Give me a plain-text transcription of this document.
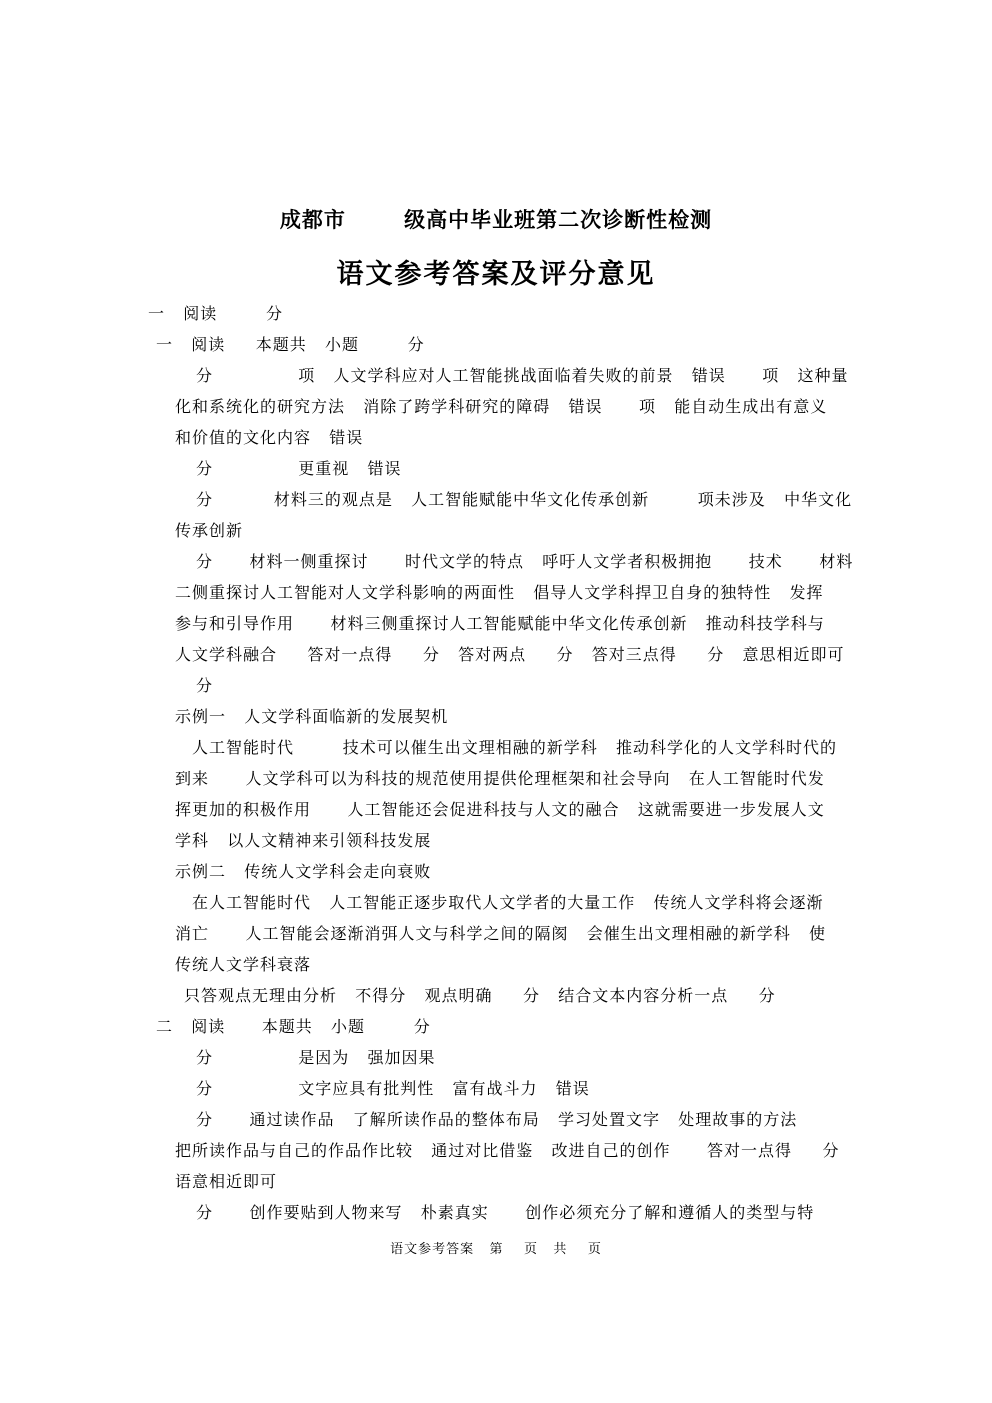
成都市 级高中毕业班第二次诊断性检测
语文参考答案及评分意见
一   阅读        分
一   阅读     本题共   小题        分
分              项   人文学科应对人工智能挑战面临着失败的前景   错误      项   这种量
化和系统化的研究方法   消除了跨学科研究的障碍   错误      项   能自动生成出有意义
和价值的文化内容   错误
分              更重视   错误
分          材料三的观点是   人工智能赋能中华文化传承创新        项未涉及   中华文化
传承创新
分      材料一侧重探讨      时代文学的特点   呼吁人文学者积极拥抱      技术      材料
二侧重探讨人工智能对人文学科影响的两面性   倡导人文学科捍卫自身的独特性   发挥
参与和引导作用      材料三侧重探讨人工智能赋能中华文化传承创新   推动科技学科与
人文学科融合     答对一点得     分   答对两点     分   答对三点得     分   意思相近即可
分
示例一   人文学科面临新的发展契机
人工智能时代        技术可以催生出文理相融的新学科   推动科学化的人文学科时代的
到来      人文学科可以为科技的规范使用提供伦理框架和社会导向   在人工智能时代发
挥更加的积极作用      人工智能还会促进科技与人文的融合   这就需要进一步发展人文
学科   以人文精神来引领科技发展
示例二   传统人文学科会走向衰败
在人工智能时代   人工智能正逐步取代人文学者的大量工作   传统人文学科将会逐渐
消亡      人工智能会逐渐消弭人文与科学之间的隔阂   会催生出文理相融的新学科   使
传统人文学科衰落
只答观点无理由分析   不得分   观点明确     分   结合文本内容分析一点     分
二   阅读      本题共   小题        分
分              是因为   强加因果
分              文字应具有批判性   富有战斗力   错误
分      通过读作品   了解所读作品的整体布局   学习处置文字   处理故事的方法
把所读作品与自己的作品作比较   通过对比借鉴   改进自己的创作      答对一点得     分
语意相近即可
分      创作要贴到人物来写   朴素真实      创作必须充分了解和遵循人的类型与特
语文参考答案   第    页   共    页
